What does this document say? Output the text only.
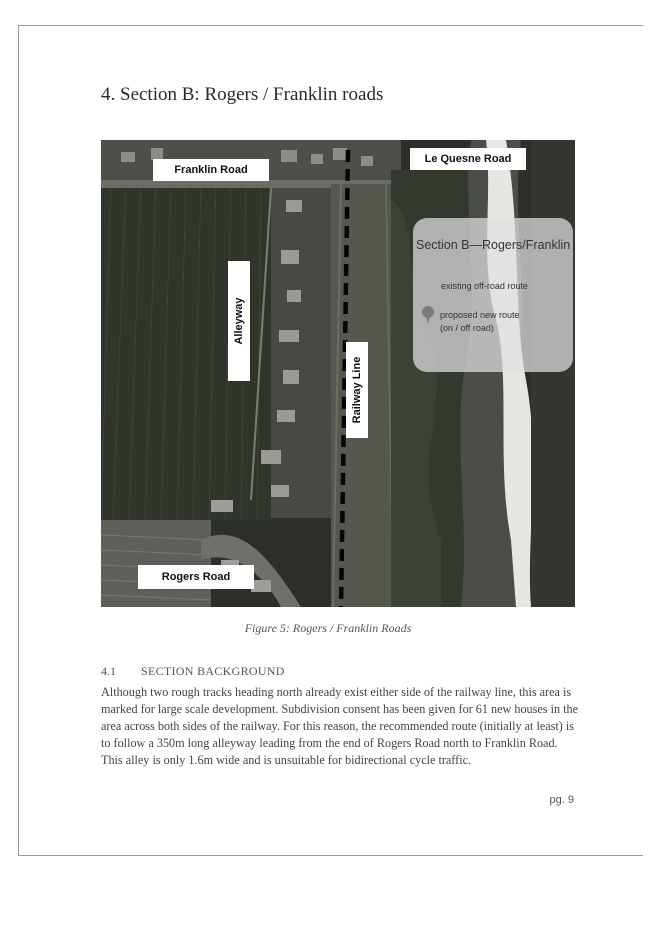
4. Section B: Rogers / Franklin roads
Franklin Road
Le Quesne Road
Alleyway
Railway Line
Rogers Road
Section B—Rogers/Franklin
existing off-road route
proposed new route
(on / off road)
Figure 5: Rogers / Franklin Roads
4.1 SECTION BACKGROUND
Although two rough tracks heading north already exist either side of the railway line, this area is marked for large scale development. Subdivision consent has been given for 61 new houses in the area across both sides of the railway. For this reason, the recommended route (initially at least) is to follow a 350m long alleyway leading from the end of Rogers Road north to Franklin Road. This alley is only 1.6m wide and is unsuitable for bidirectional cycle traffic.
pg. 9
